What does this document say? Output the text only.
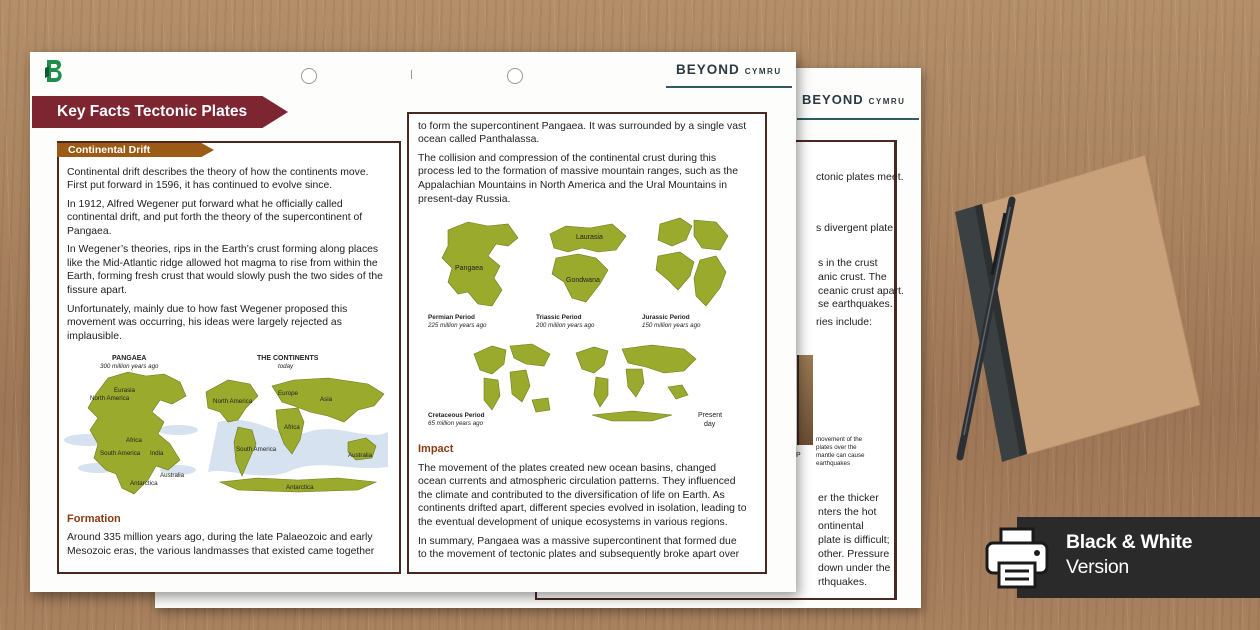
BEYOND CYMRU
ctonic plates meet.
s divergent plate
s in the crust
anic crust. The
ceanic crust apart.
se earthquakes.
ries include:
P
movement of the
plates over the
mantle can cause
earthquakes
er the thicker
nters the hot
ontinental
plate is difficult;
other. Pressure
down under the
rthquakes.
BEYOND CYMRU
Key Facts Tectonic Plates
Continental Drift
Continental drift describes the theory of how the continents move.
First put forward in 1596, it has continued to evolve since.
In 1912, Alfred Wegener put forward what he officially called
continental drift, and put forth the theory of the supercontinent of
Pangaea.
In Wegener’s theories, rips in the Earth’s crust forming along places
like the Mid-Atlantic ridge allowed hot magma to rise from within the
Earth, forming fresh crust that would slowly push the two sides of the
fissure apart.
Unfortunately, mainly due to how fast Wegener proposed this
movement was occurring, his ideas were largely rejected as
implausible.
PANGAEA
300 million years ago
Eurasia
North America
Africa
South America India
Australia
Antarctica
THE CONTINENTS
today
North America
Europe
Asia
Africa
South America
Australia
Antarctica
Formation
Around 335 million years ago, during the late Palaeozoic and early
Mesozoic eras, the various landmasses that existed came together
to form the supercontinent Pangaea. It was surrounded by a single vast
ocean called Panthalassa.
The collision and compression of the continental crust during this
process led to the formation of massive mountain ranges, such as the
Appalachian Mountains in North America and the Ural Mountains in
present-day Russia.
Pangaea
Permian Period
225 million years ago
Laurasia
Gondwana
Triassic Period
200 million years ago
Jurassic Period
150 million years ago
Cretaceous Period
65 million years ago
Present
day
Impact
The movement of the plates created new ocean basins, changed
ocean currents and atmospheric circulation patterns. They influenced
the climate and contributed to the diversification of life on Earth. As
continents drifted apart, different species evolved in isolation, leading to
the eventual development of unique ecosystems in various regions.
In summary, Pangaea was a massive supercontinent that formed due
to the movement of tectonic plates and subsequently broke apart over
Black & White
Version
